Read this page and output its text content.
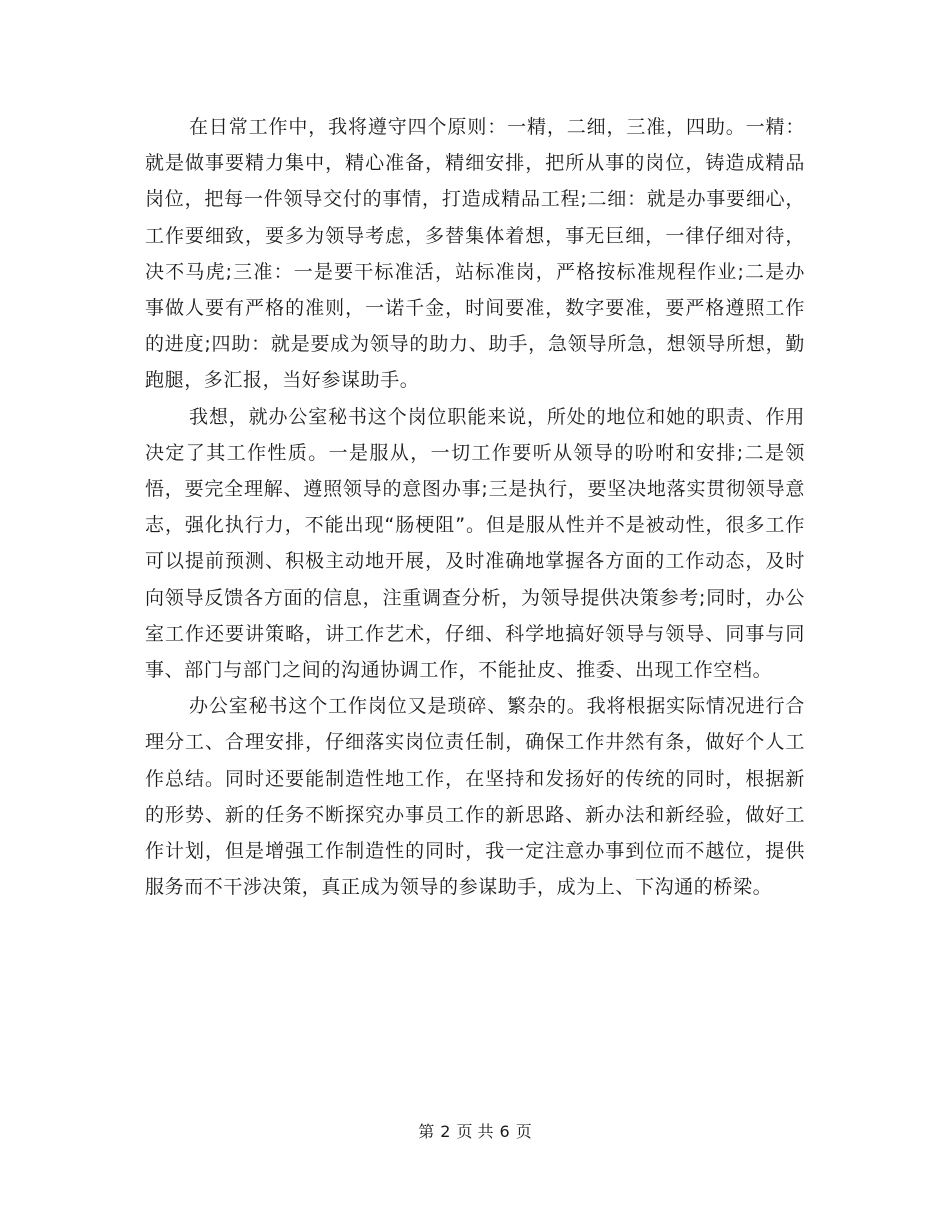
在日常工作中，我将遵守四个原则：一精，二细，三准，四助。一精：就是做事要精力集中，精心准备，精细安排，把所从事的岗位，铸造成精品岗位，把每一件领导交付的事情，打造成精品工程;二细：就是办事要细心，工作要细致，要多为领导考虑，多替集体着想，事无巨细，一律仔细对待，决不马虎;三准：一是要干标准活，站标准岗，严格按标准规程作业;二是办事做人要有严格的准则，一诺千金，时间要准，数字要准，要严格遵照工作的进度;四助：就是要成为领导的助力、助手，急领导所急，想领导所想，勤跑腿，多汇报，当好参谋助手。

我想，就办公室秘书这个岗位职能来说，所处的地位和她的职责、作用决定了其工作性质。一是服从，一切工作要听从领导的吩咐和安排;二是领悟，要完全理解、遵照领导的意图办事;三是执行，要坚决地落实贯彻领导意志，强化执行力，不能出现“肠梗阻”。但是服从性并不是被动性，很多工作可以提前预测、积极主动地开展，及时准确地掌握各方面的工作动态，及时向领导反馈各方面的信息，注重调查分析，为领导提供决策参考;同时，办公室工作还要讲策略，讲工作艺术，仔细、科学地搞好领导与领导、同事与同事、部门与部门之间的沟通协调工作，不能扯皮、推委、出现工作空档。

办公室秘书这个工作岗位又是琐碎、繁杂的。我将根据实际情况进行合理分工、合理安排，仔细落实岗位责任制，确保工作井然有条，做好个人工作总结。同时还要能制造性地工作，在坚持和发扬好的传统的同时，根据新的形势、新的任务不断探究办事员工作的新思路、新办法和新经验，做好工作计划，但是增强工作制造性的同时，我一定注意办事到位而不越位，提供服务而不干涉决策，真正成为领导的参谋助手，成为上、下沟通的桥梁。

第 2 页 共 6 页
